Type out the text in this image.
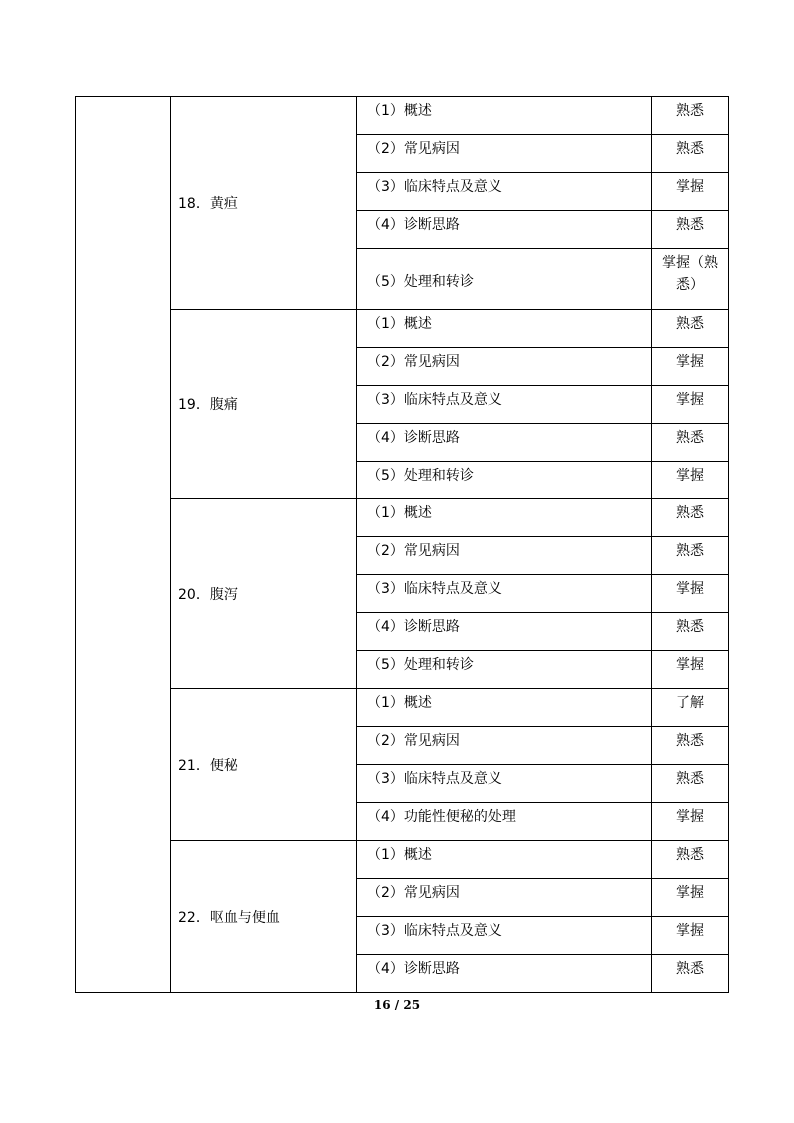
	18．黄疸	（1）概述	熟悉
		（2）常见病因	熟悉
		（3）临床特点及意义	掌握
		（4）诊断思路	熟悉
		（5）处理和转诊	掌握（熟悉）
	19．腹痛	（1）概述	熟悉
		（2）常见病因	掌握
		（3）临床特点及意义	掌握
		（4）诊断思路	熟悉
		（5）处理和转诊	掌握
	20．腹泻	（1）概述	熟悉
		（2）常见病因	熟悉
		（3）临床特点及意义	掌握
		（4）诊断思路	熟悉
		（5）处理和转诊	掌握
	21．便秘	（1）概述	了解
		（2）常见病因	熟悉
		（3）临床特点及意义	熟悉
		（4）功能性便秘的处理	掌握
	22．呕血与便血	（1）概述	熟悉
		（2）常见病因	掌握
		（3）临床特点及意义	掌握
		（4）诊断思路	熟悉
16 / 25
